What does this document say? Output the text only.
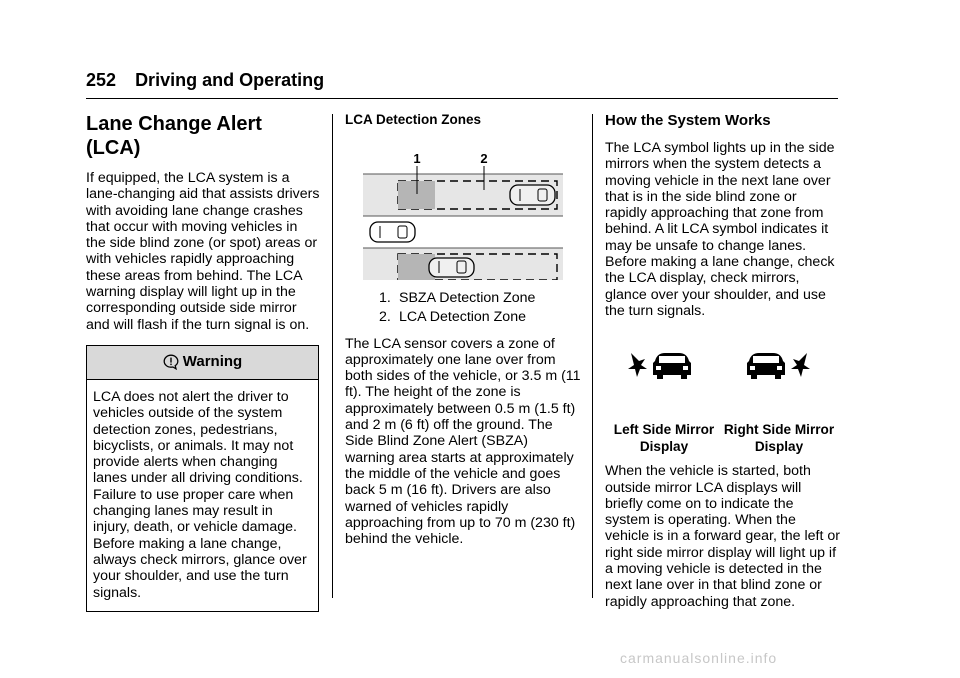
252 Driving and Operating
Lane Change Alert (LCA)

If equipped, the LCA system is a lane-changing aid that assists drivers with avoiding lane change crashes that occur with moving vehicles in the side blind zone (or spot) areas or with vehicles rapidly approaching these areas from behind. The LCA warning display will light up in the corresponding outside side mirror and will flash if the turn signal is on.

Warning
LCA does not alert the driver to vehicles outside of the system detection zones, pedestrians, bicyclists, or animals. It may not provide alerts when changing lanes under all driving conditions. Failure to use proper care when changing lanes may result in injury, death, or vehicle damage. Before making a lane change, always check mirrors, glance over your shoulder, and use the turn signals.
LCA Detection Zones
1	2
1. SBZA Detection Zone
2. LCA Detection Zone

The LCA sensor covers a zone of approximately one lane over from both sides of the vehicle, or 3.5 m (11 ft). The height of the zone is approximately between 0.5 m (1.5 ft) and 2 m (6 ft) off the ground. The Side Blind Zone Alert (SBZA) warning area starts at approximately the middle of the vehicle and goes back 5 m (16 ft). Drivers are also warned of vehicles rapidly approaching from up to 70 m (230 ft) behind the vehicle.

How the System Works

The LCA symbol lights up in the side mirrors when the system detects a moving vehicle in the next lane over that is in the side blind zone or rapidly approaching that zone from behind. A lit LCA symbol indicates it may be unsafe to change lanes. Before making a lane change, check the LCA display, check mirrors, glance over your shoulder, and use the turn signals.

Left Side Mirror
Display
Right Side Mirror
Display

When the vehicle is started, both outside mirror LCA displays will briefly come on to indicate the system is operating. When the vehicle is in a forward gear, the left or right side mirror display will light up if a moving vehicle is detected in the next lane over in that blind zone or rapidly approaching that zone.

carmanualsonline.info
